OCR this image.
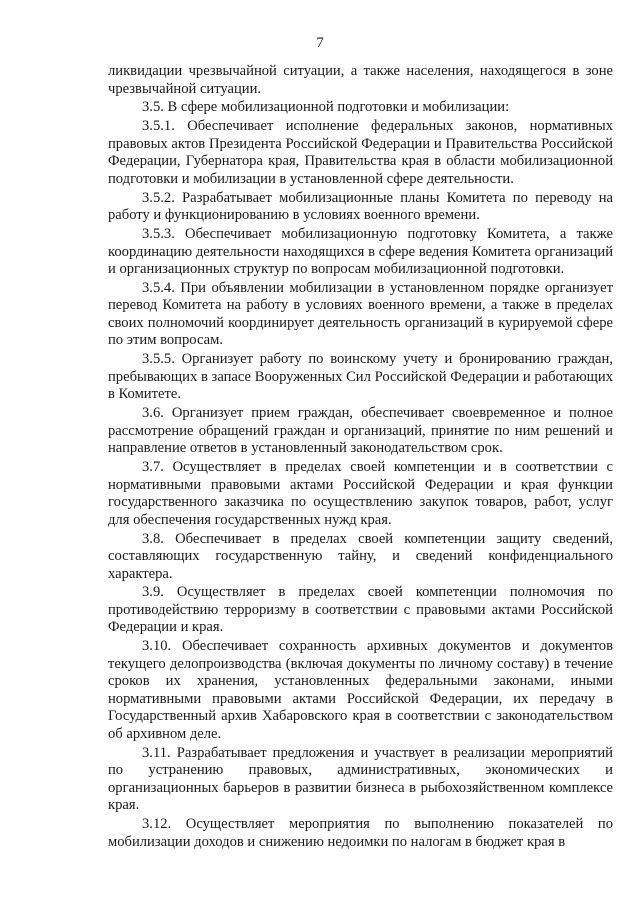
7

ликвидации чрезвычайной ситуации, а также населения, находящегося в зоне чрезвычайной ситуации.

3.5. В сфере мобилизационной подготовки и мобилизации:

3.5.1. Обеспечивает исполнение федеральных законов, нормативных правовых актов Президента Российской Федерации и Правительства Российской Федерации, Губернатора края, Правительства края в области мобилизационной подготовки и мобилизации в установленной сфере деятельности.

3.5.2. Разрабатывает мобилизационные планы Комитета по переводу на работу и функционированию в условиях военного времени.

3.5.3. Обеспечивает мобилизационную подготовку Комитета, а также координацию деятельности находящихся в сфере ведения Комитета организаций и организационных структур по вопросам мобилизационной подготовки.

3.5.4. При объявлении мобилизации в установленном порядке организует перевод Комитета на работу в условиях военного времени, а также в пределах своих полномочий координирует деятельность организаций в курируемой сфере по этим вопросам.

3.5.5. Организует работу по воинскому учету и бронированию граждан, пребывающих в запасе Вооруженных Сил Российской Федерации и работающих в Комитете.

3.6. Организует прием граждан, обеспечивает своевременное и полное рассмотрение обращений граждан и организаций, принятие по ним решений и направление ответов в установленный законодательством срок.

3.7. Осуществляет в пределах своей компетенции и в соответствии с нормативными правовыми актами Российской Федерации и края функции государственного заказчика по осуществлению закупок товаров, работ, услуг для обеспечения государственных нужд края.

3.8. Обеспечивает в пределах своей компетенции защиту сведений, составляющих государственную тайну, и сведений конфиденциального характера.

3.9. Осуществляет в пределах своей компетенции полномочия по противодействию терроризму в соответствии с правовыми актами Российской Федерации и края.

3.10. Обеспечивает сохранность архивных документов и документов текущего делопроизводства (включая документы по личному составу) в течение сроков их хранения, установленных федеральными законами, иными нормативными правовыми актами Российской Федерации, их передачу в Государственный архив Хабаровского края в соответствии с законодательством об архивном деле.

3.11. Разрабатывает предложения и участвует в реализации мероприятий по устранению правовых, административных, экономических и организационных барьеров в развитии бизнеса в рыбохозяйственном комплексе края.

3.12. Осуществляет мероприятия по выполнению показателей по мобилизации доходов и снижению недоимки по налогам в бюджет края в
